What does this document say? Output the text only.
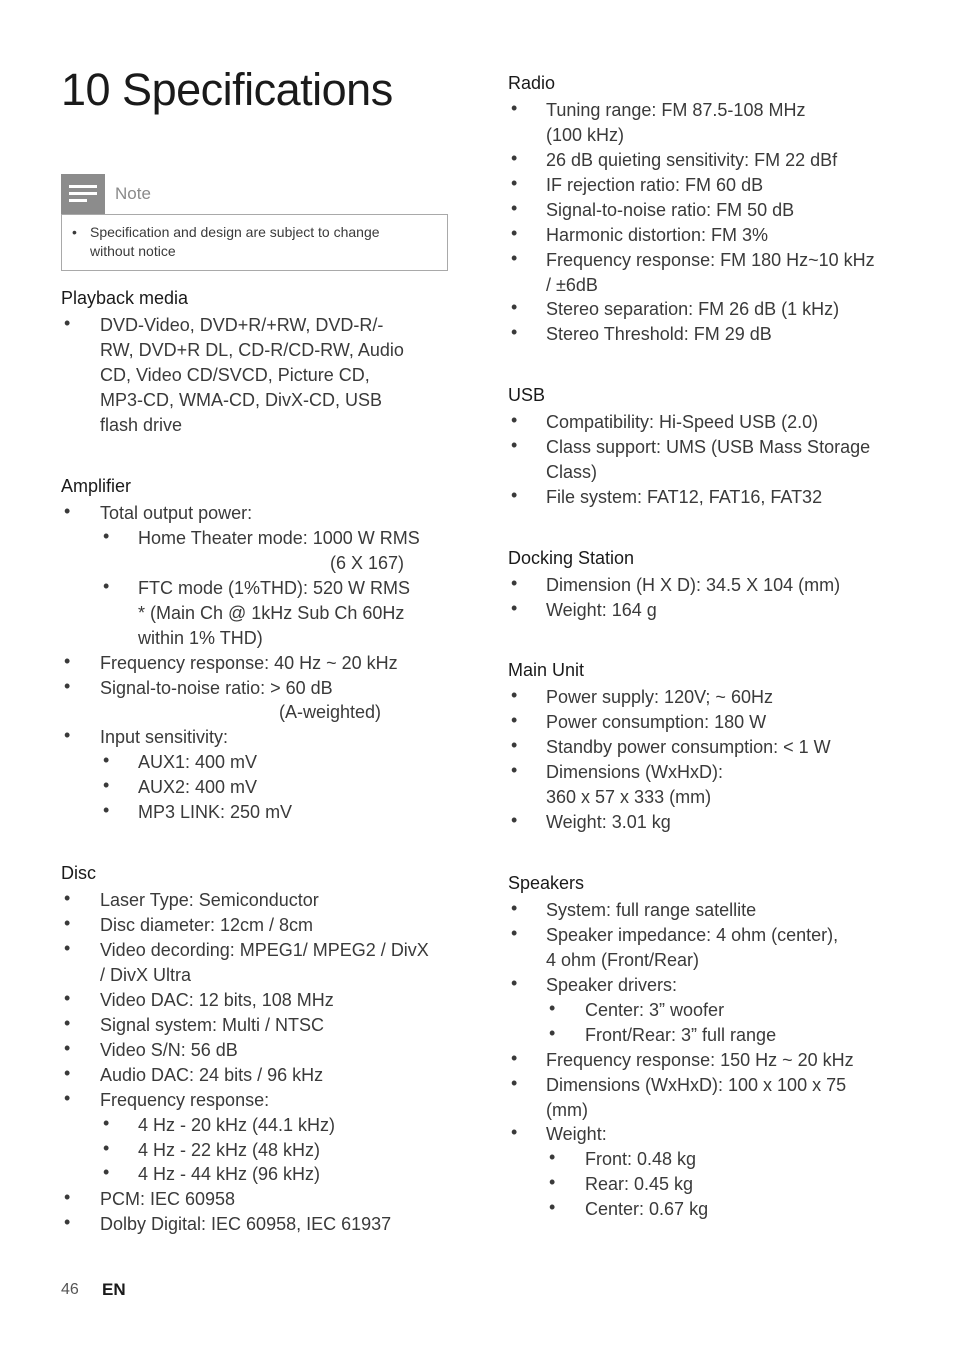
10 Specifications
Note
• Specification and design are subject to change
without notice
Playback media
• DVD-Video, DVD+R/+RW, DVD-R/-
RW, DVD+R DL, CD-R/CD-RW, Audio
CD, Video CD/SVCD, Picture CD,
MP3-CD, WMA-CD, DivX-CD, USB
flash drive
Amplifier
• Total output power:
• Home Theater mode: 1000 W RMS
(6 X 167)
• FTC mode (1%THD): 520 W RMS
* (Main Ch @ 1kHz Sub Ch 60Hz
within 1% THD)
• Frequency response: 40 Hz ~ 20 kHz
• Signal-to-noise ratio: > 60 dB
(A-weighted)
• Input sensitivity:
• AUX1: 400 mV
• AUX2: 400 mV
• MP3 LINK: 250 mV
Disc
• Laser Type: Semiconductor
• Disc diameter: 12cm / 8cm
• Video decording: MPEG1/ MPEG2 / DivX
/ DivX Ultra
• Video DAC: 12 bits, 108 MHz
• Signal system: Multi / NTSC
• Video S/N: 56 dB
• Audio DAC: 24 bits / 96 kHz
• Frequency response:
• 4 Hz - 20 kHz (44.1 kHz)
• 4 Hz - 22 kHz (48 kHz)
• 4 Hz - 44 kHz (96 kHz)
• PCM: IEC 60958
• Dolby Digital: IEC 60958, IEC 61937
Radio
• Tuning range: FM 87.5-108 MHz
(100 kHz)
• 26 dB quieting sensitivity: FM 22 dBf
• IF rejection ratio: FM 60 dB
• Signal-to-noise ratio: FM 50 dB
• Harmonic distortion: FM 3%
• Frequency response: FM 180 Hz~10 kHz
/ ±6dB
• Stereo separation: FM 26 dB (1 kHz)
• Stereo Threshold: FM 29 dB
USB
• Compatibility: Hi-Speed USB (2.0)
• Class support: UMS (USB Mass Storage
Class)
• File system: FAT12, FAT16, FAT32
Docking Station
• Dimension (H X D): 34.5 X 104 (mm)
• Weight: 164 g
Main Unit
• Power supply: 120V; ~ 60Hz
• Power consumption: 180 W
• Standby power consumption: < 1 W
• Dimensions (WxHxD):
360 x 57 x 333 (mm)
• Weight: 3.01 kg
Speakers
• System: full range satellite
• Speaker impedance: 4 ohm (center),
4 ohm (Front/Rear)
• Speaker drivers:
• Center: 3” woofer
• Front/Rear: 3” full range
• Frequency response: 150 Hz ~ 20 kHz
• Dimensions (WxHxD): 100 x 100 x 75
(mm)
• Weight:
• Front: 0.48 kg
• Rear: 0.45 kg
• Center: 0.67 kg
46 EN
